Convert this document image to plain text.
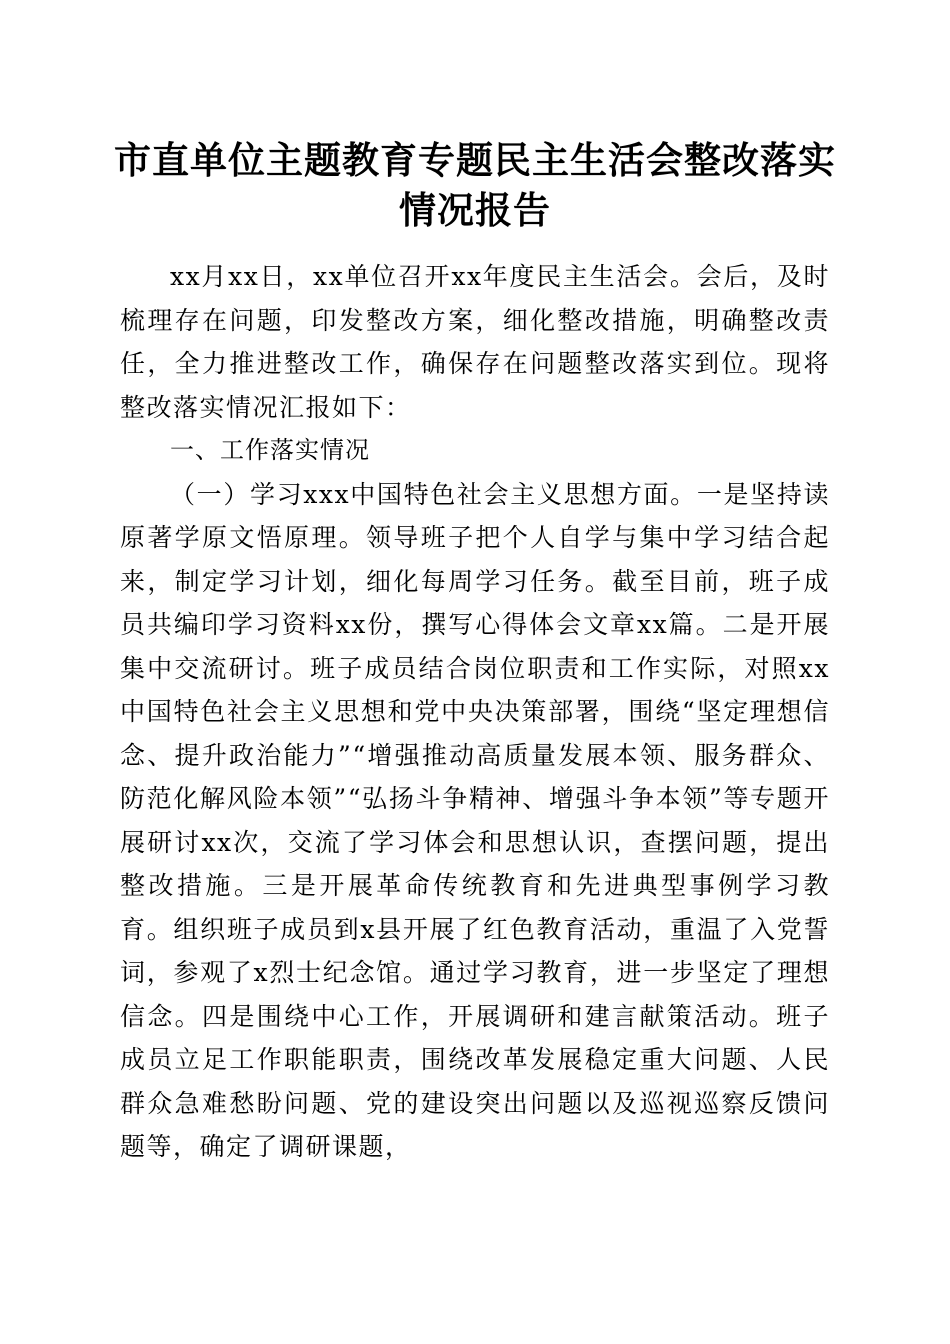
市直单位主题教育专题民主生活会整改落实情况报告

xx月xx日，xx单位召开xx年度民主生活会。会后，及时梳理存在问题，印发整改方案，细化整改措施，明确整改责任，全力推进整改工作，确保存在问题整改落实到位。现将整改落实情况汇报如下：

一、工作落实情况

（一）学习xxx中国特色社会主义思想方面。一是坚持读原著学原文悟原理。领导班子把个人自学与集中学习结合起来，制定学习计划，细化每周学习任务。截至目前，班子成员共编印学习资料xx份，撰写心得体会文章xx篇。二是开展集中交流研讨。班子成员结合岗位职责和工作实际，对照xx中国特色社会主义思想和党中央决策部署，围绕“坚定理想信念、提升政治能力”“增强推动高质量发展本领、服务群众、防范化解风险本领”“弘扬斗争精神、增强斗争本领”等专题开展研讨xx次，交流了学习体会和思想认识，查摆问题，提出整改措施。三是开展革命传统教育和先进典型事例学习教育。组织班子成员到x县开展了红色教育活动，重温了入党誓词，参观了x烈士纪念馆。通过学习教育，进一步坚定了理想信念。四是围绕中心工作，开展调研和建言献策活动。班子成员立足工作职能职责，围绕改革发展稳定重大问题、人民群众急难愁盼问题、党的建设突出问题以及巡视巡察反馈问题等，确定了调研课题，
